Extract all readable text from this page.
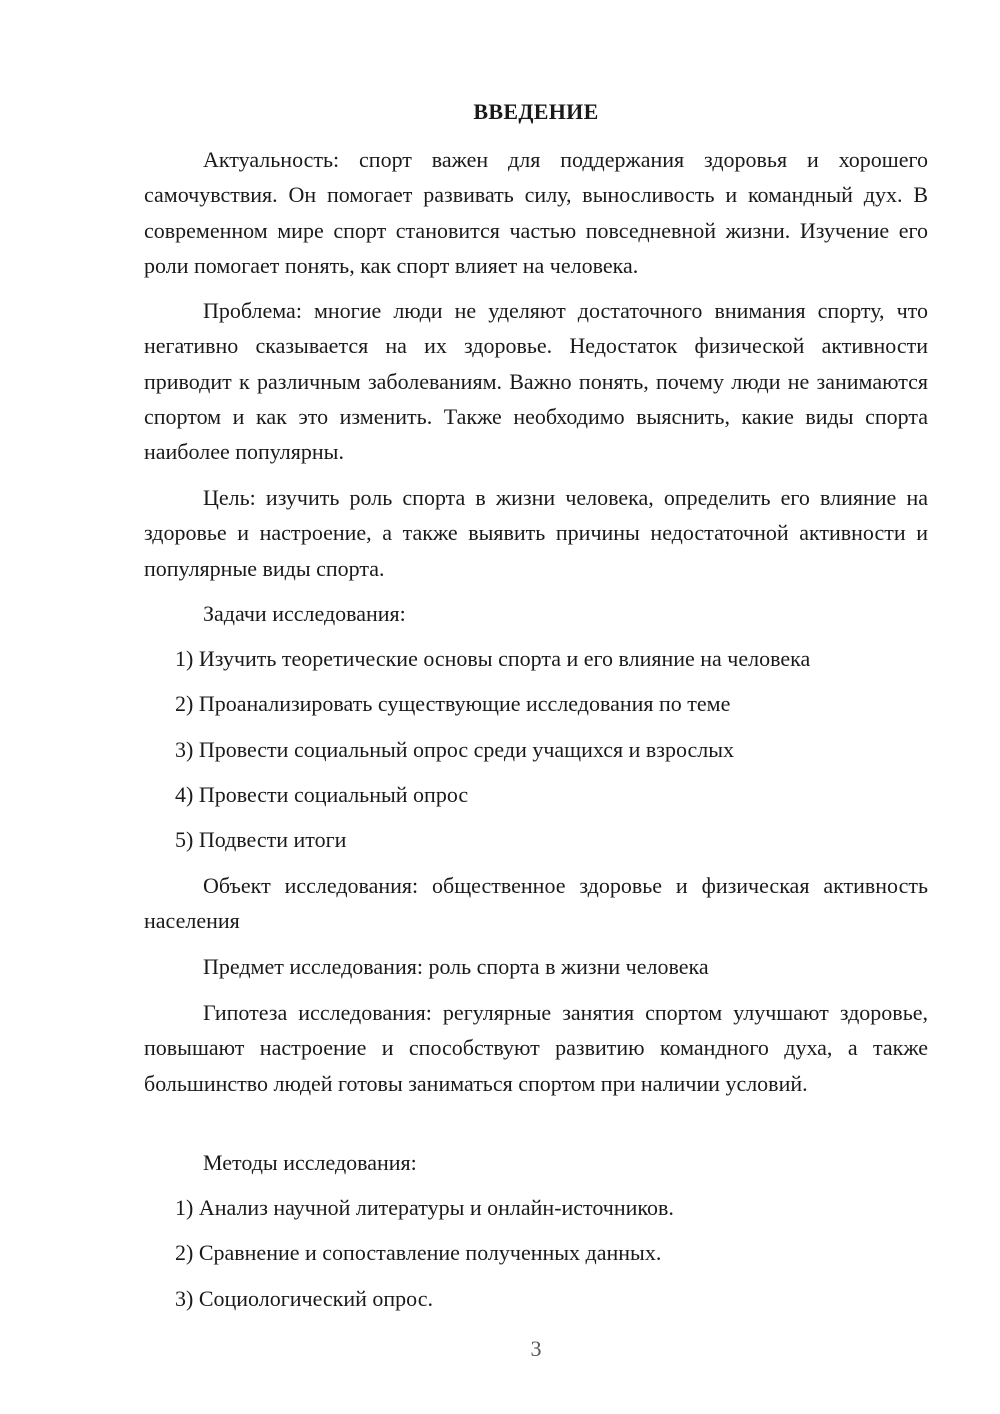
ВВЕДЕНИЕ

Актуальность: спорт важен для поддержания здоровья и хорошего самочувствия. Он помогает развивать силу, выносливость и командный дух. В современном мире спорт становится частью повседневной жизни. Изучение его роли помогает понять, как спорт влияет на человека.

Проблема: многие люди не уделяют достаточного внимания спорту, что негативно сказывается на их здоровье. Недостаток физической активности приводит к различным заболеваниям. Важно понять, почему люди не занимаются спортом и как это изменить. Также необходимо выяснить, какие виды спорта наиболее популярны.

Цель: изучить роль спорта в жизни человека, определить его влияние на здоровье и настроение, а также выявить причины недостаточной активности и популярные виды спорта.

Задачи исследования:

1) Изучить теоретические основы спорта и его влияние на человека

2) Проанализировать существующие исследования по теме

3) Провести социальный опрос среди учащихся и взрослых

4) Провести социальный опрос

5) Подвести итоги

Объект исследования: общественное здоровье и физическая активность населения

Предмет исследования: роль спорта в жизни человека

Гипотеза исследования: регулярные занятия спортом улучшают здоровье, повышают настроение и способствуют развитию командного духа, а также большинство людей готовы заниматься спортом при наличии условий.

Методы исследования:

1) Анализ научной литературы и онлайн-источников.

2) Сравнение и сопоставление полученных данных.

3) Социологический опрос.

3
